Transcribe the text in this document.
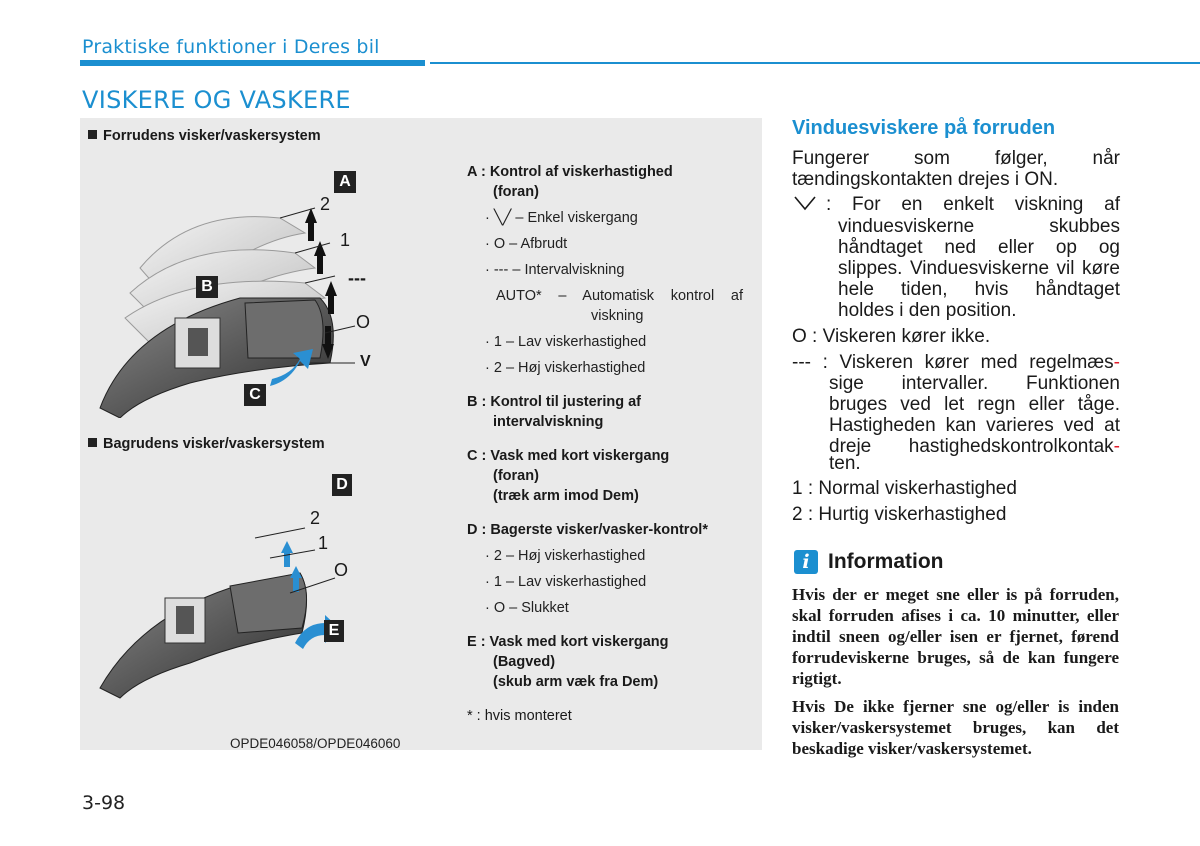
Praktiske funktioner i Deres bil
VISKERE OG VASKERE
Forrudens visker/vaskersystem
A
B
C
2
1
---
O
V
Bagrudens visker/vaskersystem
D
E
2
1
O
A : Kontrol af viskerhastighed
(foran)
· ╲╱ – Enkel viskergang
· O – Afbrudt
· --- – Intervalviskning
AUTO* – Automatisk kontrol af
viskning
· 1 – Lav viskerhastighed
· 2 – Høj viskerhastighed
B : Kontrol til justering af
intervalviskning
C : Vask med kort viskergang
(foran)
(træk arm imod Dem)
D : Bagerste visker/vasker-kontrol*
· 2 – Høj viskerhastighed
· 1 – Lav viskerhastighed
· O – Slukket
E : Vask med kort viskergang
(Bagved)
(skub arm væk fra Dem)
* : hvis monteret
OPDE046058/OPDE046060
Vinduesviskere på forruden
Fungerer som følger, når
tændingskontakten drejes i ON.
: For en enkelt viskning af
vinduesviskerne skubbes
håndtaget ned eller op og
slippes. Vinduesviskerne vil køre
hele tiden, hvis håndtaget
holdes i den position.
O : Viskeren kører ikke.
--- : Viskeren kører med regelmæs-
sige intervaller. Funktionen
bruges ved let regn eller tåge.
Hastigheden kan varieres ved at
dreje hastighedskontrolkontak-
ten.
1 : Normal viskerhastighed
2 : Hurtig viskerhastighed
i Information
Hvis der er meget sne eller is på forruden, skal forruden afises i ca. 10 minutter, eller indtil sneen og/eller isen er fjernet, førend forrudeviskerne bruges, så de kan fungere rigtigt.
Hvis De ikke fjerner sne og/eller is inden visker/vaskersystemet bruges, kan det beskadige visker/vaskersystemet.
3-98
